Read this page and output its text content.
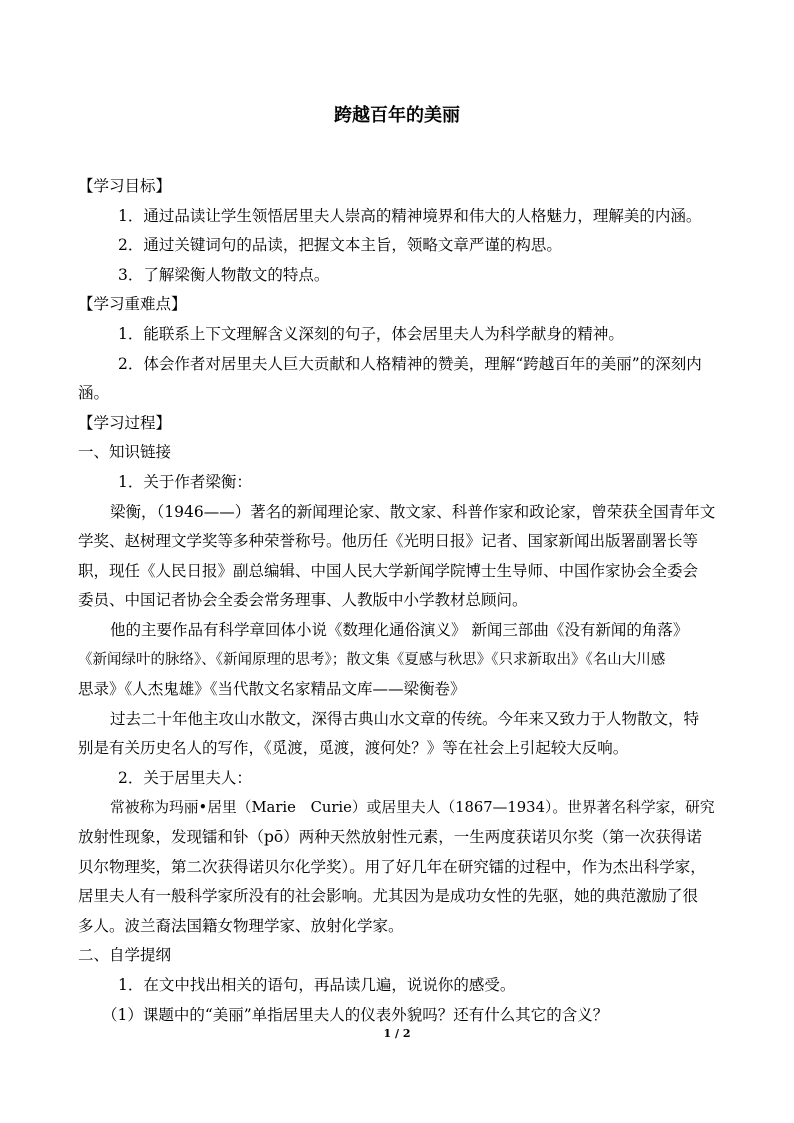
跨越百年的美丽
【学习目标】
1．通过品读让学生领悟居里夫人崇高的精神境界和伟大的人格魅力，理解美的内涵。
2．通过关键词句的品读，把握文本主旨，领略文章严谨的构思。
3．了解梁衡人物散文的特点。
【学习重难点】
1．能联系上下文理解含义深刻的句子，体会居里夫人为科学献身的精神。
2．体会作者对居里夫人巨大贡献和人格精神的赞美，理解“跨越百年的美丽”的深刻内
涵。
【学习过程】
一、知识链接
1．关于作者梁衡：
梁衡，（1946——）著名的新闻理论家、散文家、科普作家和政论家，曾荣获全国青年文
学奖、赵树理文学奖等多种荣誉称号。他历任《光明日报》记者、国家新闻出版署副署长等
职，现任《人民日报》副总编辑、中国人民大学新闻学院博士生导师、中国作家协会全委会
委员、中国记者协会全委会常务理事、人教版中小学教材总顾问。
他的主要作品有科学章回体小说《数理化通俗演义》 新闻三部曲《没有新闻的角落》
《新闻绿叶的脉络》、《新闻原理的思考》；散文集《夏感与秋思》《只求新取出》《名山大川感
思录》《人杰鬼雄》《当代散文名家精品文库——梁衡卷》
过去二十年他主攻山水散文，深得古典山水文章的传统。今年来又致力于人物散文，特
别是有关历史名人的写作，《觅渡，觅渡，渡何处？》等在社会上引起较大反响。
2．关于居里夫人：
常被称为玛丽•居里（Marie　Curie）或居里夫人（1867—1934）。世界著名科学家，研究
放射性现象，发现镭和钋（pō）两种天然放射性元素，一生两度获诺贝尔奖（第一次获得诺
贝尔物理奖，第二次获得诺贝尔化学奖）。用了好几年在研究镭的过程中，作为杰出科学家，
居里夫人有一般科学家所没有的社会影响。尤其因为是成功女性的先驱，她的典范激励了很
多人。波兰裔法国籍女物理学家、放射化学家。
二、自学提纲
1．在文中找出相关的语句，再品读几遍，说说你的感受。
（1）课题中的“美丽”单指居里夫人的仪表外貌吗？还有什么其它的含义？
1 / 2
